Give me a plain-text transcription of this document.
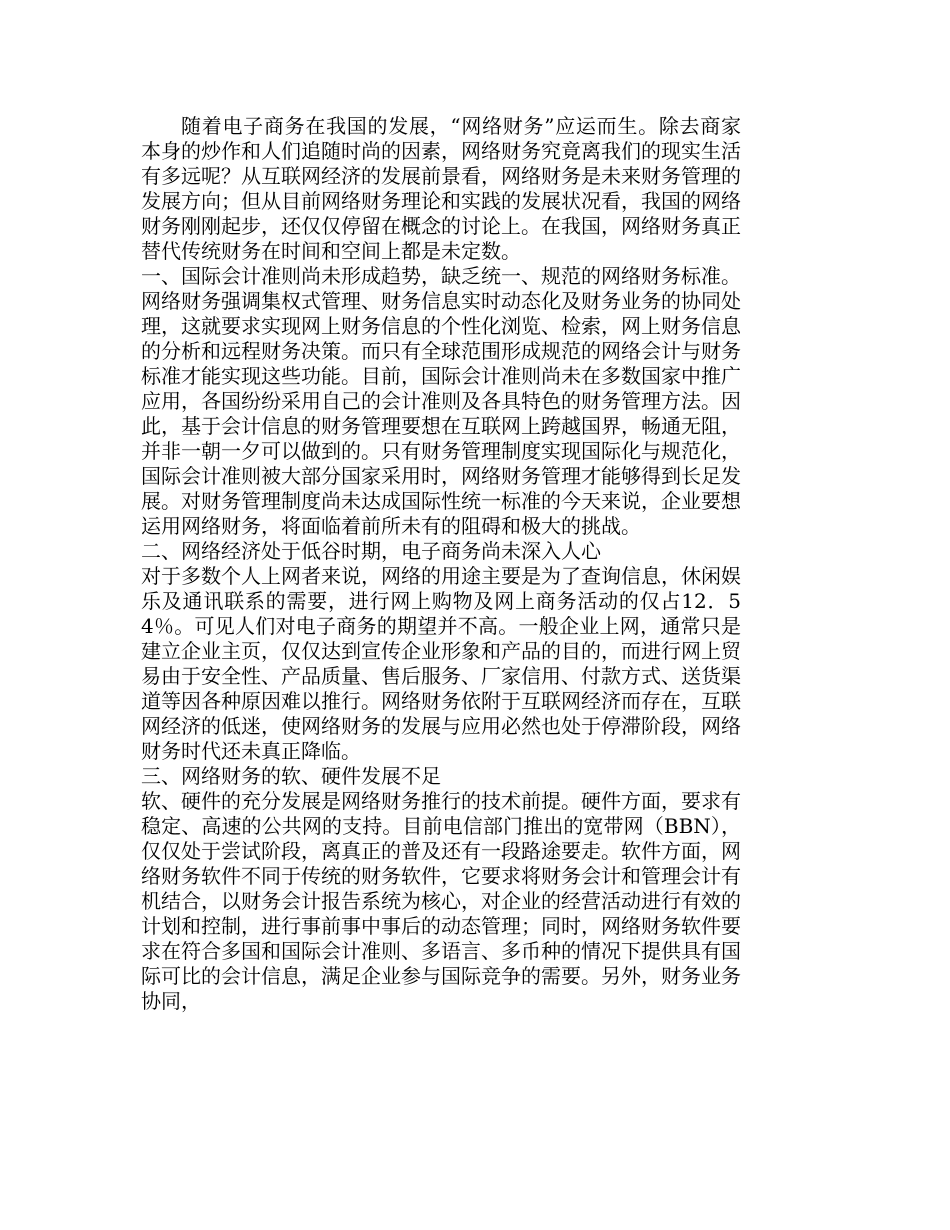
随着电子商务在我国的发展，“网络财务”应运而生。除去商家本身的炒作和人们追随时尚的因素，网络财务究竟离我们的现实生活有多远呢？从互联网经济的发展前景看，网络财务是未来财务管理的发展方向；但从目前网络财务理论和实践的发展状况看，我国的网络财务刚刚起步，还仅仅停留在概念的讨论上。在我国，网络财务真正替代传统财务在时间和空间上都是未定数。

一、国际会计准则尚未形成趋势，缺乏统一、规范的网络财务标准。

网络财务强调集权式管理、财务信息实时动态化及财务业务的协同处理，这就要求实现网上财务信息的个性化浏览、检索，网上财务信息的分析和远程财务决策。而只有全球范围形成规范的网络会计与财务标准才能实现这些功能。目前，国际会计准则尚未在多数国家中推广应用，各国纷纷采用自己的会计准则及各具特色的财务管理方法。因此，基于会计信息的财务管理要想在互联网上跨越国界，畅通无阻，并非一朝一夕可以做到的。只有财务管理制度实现国际化与规范化，国际会计准则被大部分国家采用时，网络财务管理才能够得到长足发展。对财务管理制度尚未达成国际性统一标准的今天来说，企业要想运用网络财务，将面临着前所未有的阻碍和极大的挑战。

二、网络经济处于低谷时期，电子商务尚未深入人心

对于多数个人上网者来说，网络的用途主要是为了查询信息，休闲娱乐及通讯联系的需要，进行网上购物及网上商务活动的仅占12．54％。可见人们对电子商务的期望并不高。一般企业上网，通常只是建立企业主页，仅仅达到宣传企业形象和产品的目的，而进行网上贸易由于安全性、产品质量、售后服务、厂家信用、付款方式、送货渠道等因各种原因难以推行。网络财务依附于互联网经济而存在，互联网经济的低迷，使网络财务的发展与应用必然也处于停滞阶段，网络财务时代还未真正降临。

三、网络财务的软、硬件发展不足

软、硬件的充分发展是网络财务推行的技术前提。硬件方面，要求有稳定、高速的公共网的支持。目前电信部门推出的宽带网（BBN），仅仅处于尝试阶段，离真正的普及还有一段路途要走。软件方面，网络财务软件不同于传统的财务软件，它要求将财务会计和管理会计有机结合，以财务会计报告系统为核心，对企业的经营活动进行有效的计划和控制，进行事前事中事后的动态管理；同时，网络财务软件要求在符合多国和国际会计准则、多语言、多币种的情况下提供具有国际可比的会计信息，满足企业参与国际竞争的需要。另外，财务业务协同，
